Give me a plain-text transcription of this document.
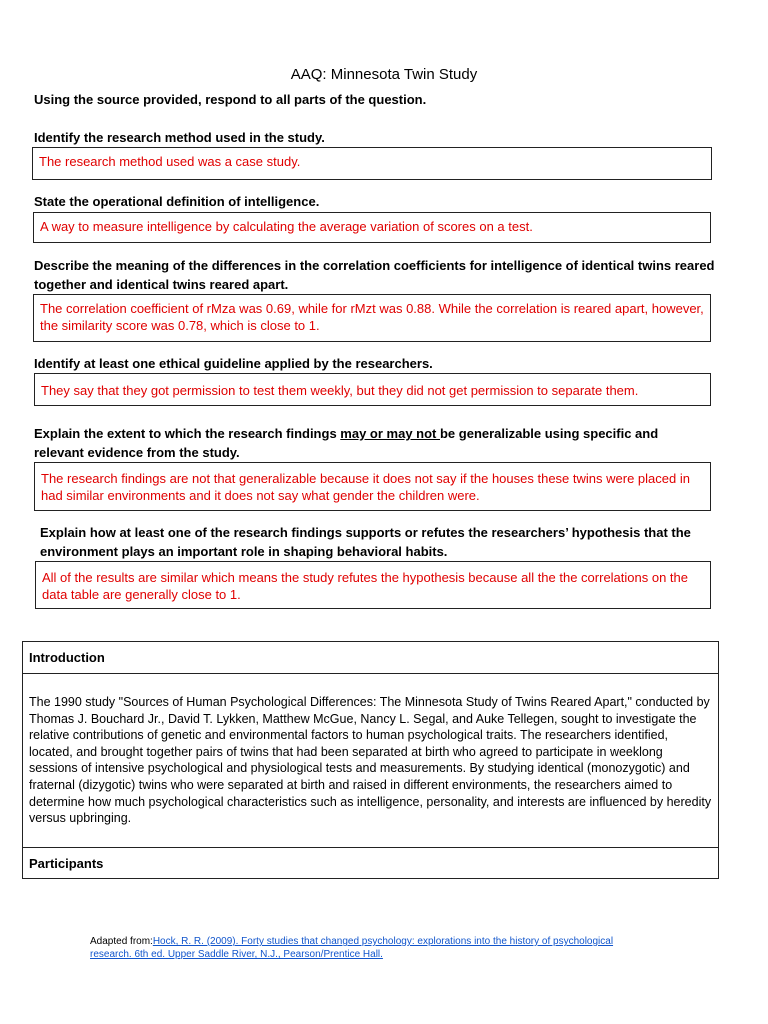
AAQ: Minnesota Twin Study
Using the source provided, respond to all parts of the question.
Identify the research method used in the study.
The research method used was a case study.
State the operational definition of intelligence.
A way to measure intelligence by calculating the average variation of scores on a test.
Describe the meaning of the differences in the correlation coefficients for intelligence of identical twins reared together and identical twins reared apart.
The correlation coefficient of rMza was 0.69, while for rMzt was 0.88. While the correlation is reared apart, however, the similarity score was 0.78, which is close to 1.
Identify at least one ethical guideline applied by the researchers.
They say that they got permission to test them weekly, but they did not get permission to separate them.
Explain the extent to which the research findings may or may not be generalizable using specific and relevant evidence from the study.
The research findings are not that generalizable because it does not say if the houses these twins were placed in had similar environments and it does not say what gender the children were.
Explain how at least one of the research findings supports or refutes the researchers’ hypothesis that the environment plays an important role in shaping behavioral habits.
All of the results are similar which means the study refutes the hypothesis because all the the correlations on the data table are generally close to 1.
Introduction
The 1990 study "Sources of Human Psychological Differences: The Minnesota Study of Twins Reared Apart," conducted by Thomas J. Bouchard Jr., David T. Lykken, Matthew McGue, Nancy L. Segal, and Auke Tellegen, sought to investigate the relative contributions of genetic and environmental factors to human psychological traits. The researchers identified, located, and brought together pairs of twins that had been separated at birth who agreed to participate in weeklong sessions of intensive psychological and physiological tests and measurements. By studying identical (monozygotic) and fraternal (dizygotic) twins who were separated at birth and raised in different environments, the researchers aimed to determine how much psychological characteristics such as intelligence, personality, and interests are influenced by heredity versus upbringing.
Participants
Adapted from:Hock, R. R. (2009). Forty studies that changed psychology: explorations into the history of psychological research. 6th ed. Upper Saddle River, N.J., Pearson/Prentice Hall.
